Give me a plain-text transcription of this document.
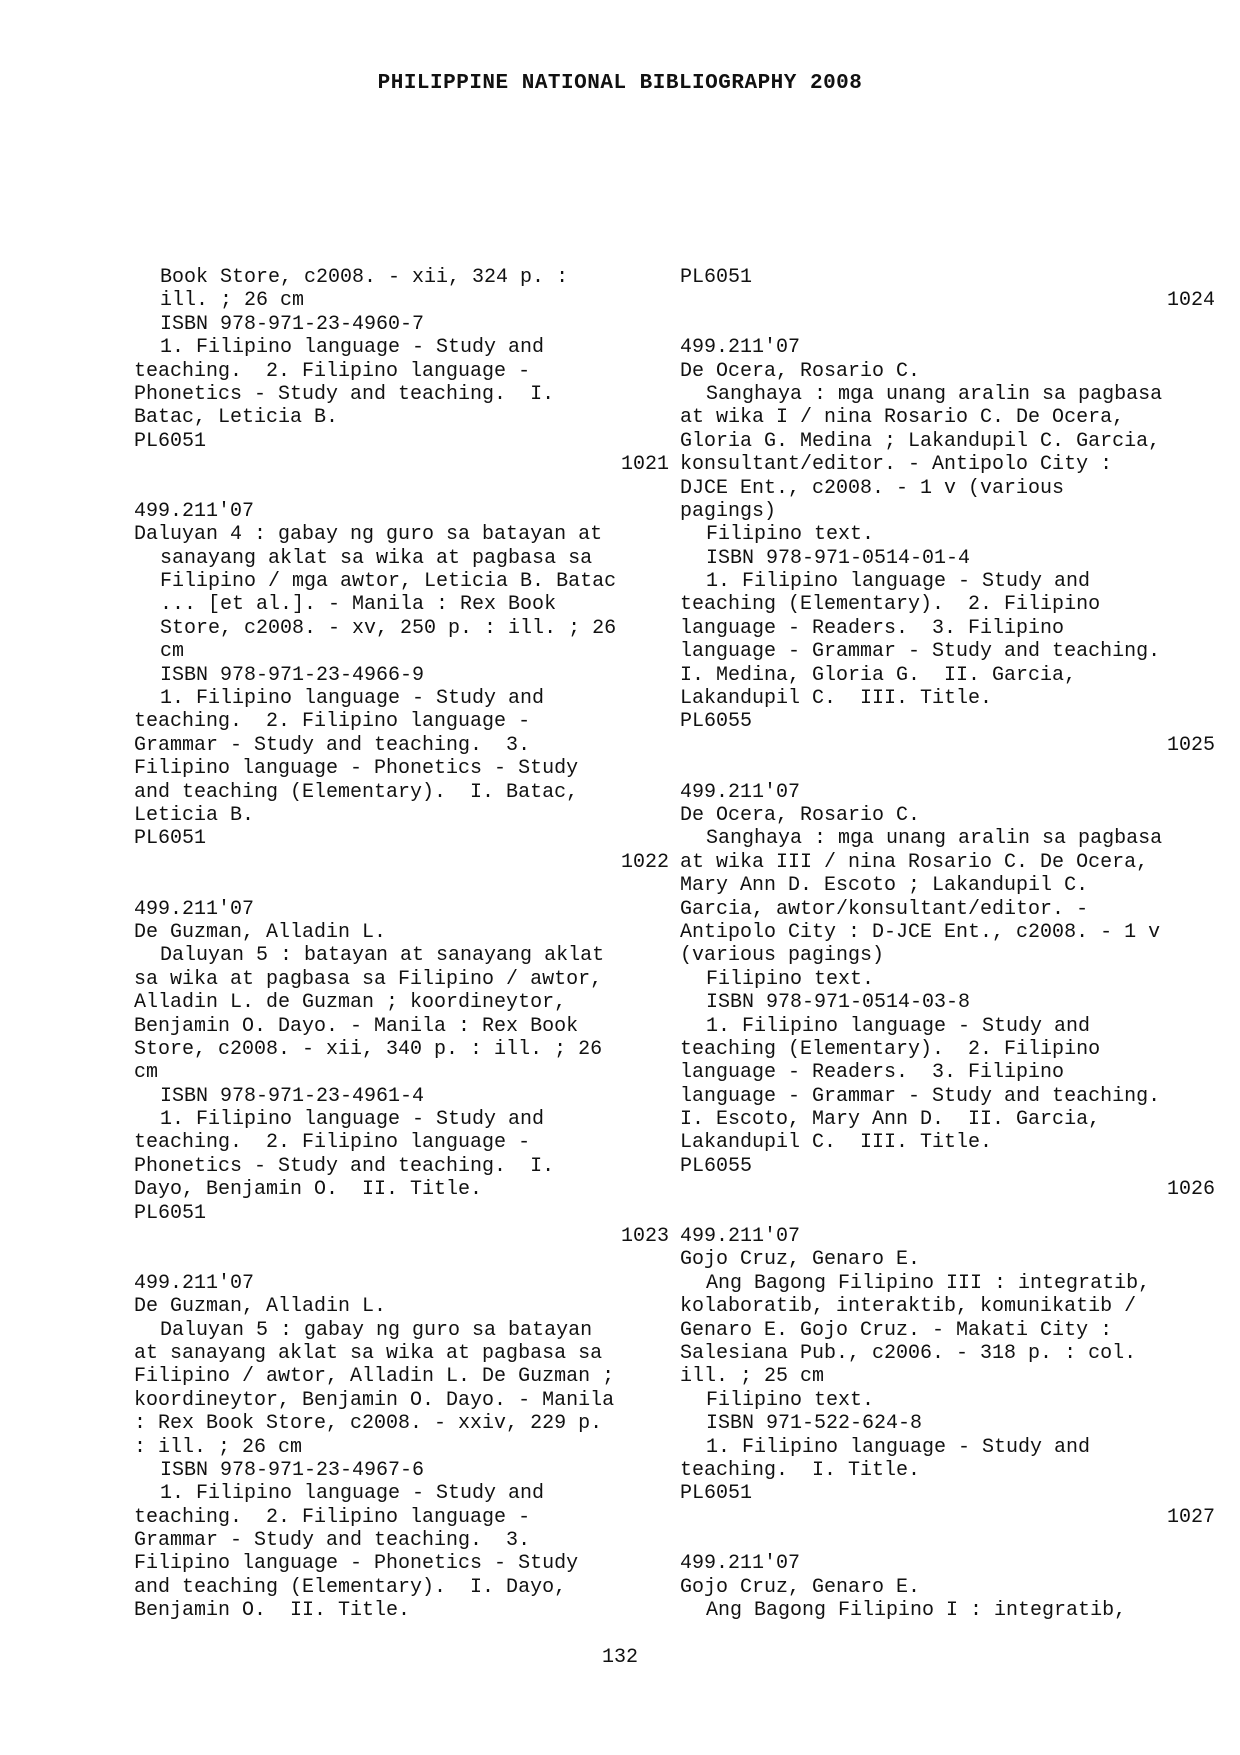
PHILIPPINE NATIONAL BIBLIOGRAPHY 2008
Book Store, c2008. - xii, 324 p. :
ill. ; 26 cm
ISBN 978-971-23-4960-7
1. Filipino language - Study and
teaching.  2. Filipino language -
Phonetics - Study and teaching.  I.
Batac, Leticia B.
PL6051
1021
499.211'07
Daluyan 4 : gabay ng guro sa batayan at
sanayang aklat sa wika at pagbasa sa
Filipino / mga awtor, Leticia B. Batac
... [et al.]. - Manila : Rex Book
Store, c2008. - xv, 250 p. : ill. ; 26
cm
ISBN 978-971-23-4966-9
1. Filipino language - Study and
teaching.  2. Filipino language -
Grammar - Study and teaching.  3.
Filipino language - Phonetics - Study
and teaching (Elementary).  I. Batac,
Leticia B.
PL6051
1022
499.211'07
De Guzman, Alladin L.
Daluyan 5 : batayan at sanayang aklat
sa wika at pagbasa sa Filipino / awtor,
Alladin L. de Guzman ; koordineytor,
Benjamin O. Dayo. - Manila : Rex Book
Store, c2008. - xii, 340 p. : ill. ; 26
cm
ISBN 978-971-23-4961-4
1. Filipino language - Study and
teaching.  2. Filipino language -
Phonetics - Study and teaching.  I.
Dayo, Benjamin O.  II. Title.
PL6051
1023
499.211'07
De Guzman, Alladin L.
Daluyan 5 : gabay ng guro sa batayan
at sanayang aklat sa wika at pagbasa sa
Filipino / awtor, Alladin L. De Guzman ;
koordineytor, Benjamin O. Dayo. - Manila
: Rex Book Store, c2008. - xxiv, 229 p.
: ill. ; 26 cm
ISBN 978-971-23-4967-6
1. Filipino language - Study and
teaching.  2. Filipino language -
Grammar - Study and teaching.  3.
Filipino language - Phonetics - Study
and teaching (Elementary).  I. Dayo,
Benjamin O.  II. Title.
PL6051
1024
499.211'07
De Ocera, Rosario C.
Sanghaya : mga unang aralin sa pagbasa
at wika I / nina Rosario C. De Ocera,
Gloria G. Medina ; Lakandupil C. Garcia,
konsultant/editor. - Antipolo City :
DJCE Ent., c2008. - 1 v (various
pagings)
Filipino text.
ISBN 978-971-0514-01-4
1. Filipino language - Study and
teaching (Elementary).  2. Filipino
language - Readers.  3. Filipino
language - Grammar - Study and teaching.
I. Medina, Gloria G.  II. Garcia,
Lakandupil C.  III. Title.
PL6055
1025
499.211'07
De Ocera, Rosario C.
Sanghaya : mga unang aralin sa pagbasa
at wika III / nina Rosario C. De Ocera,
Mary Ann D. Escoto ; Lakandupil C.
Garcia, awtor/konsultant/editor. -
Antipolo City : D-JCE Ent., c2008. - 1 v
(various pagings)
Filipino text.
ISBN 978-971-0514-03-8
1. Filipino language - Study and
teaching (Elementary).  2. Filipino
language - Readers.  3. Filipino
language - Grammar - Study and teaching.
I. Escoto, Mary Ann D.  II. Garcia,
Lakandupil C.  III. Title.
PL6055
1026
499.211'07
Gojo Cruz, Genaro E.
Ang Bagong Filipino III : integratib,
kolaboratib, interaktib, komunikatib /
Genaro E. Gojo Cruz. - Makati City :
Salesiana Pub., c2006. - 318 p. : col.
ill. ; 25 cm
Filipino text.
ISBN 971-522-624-8
1. Filipino language - Study and
teaching.  I. Title.
PL6051
1027
499.211'07
Gojo Cruz, Genaro E.
Ang Bagong Filipino I : integratib,
132
